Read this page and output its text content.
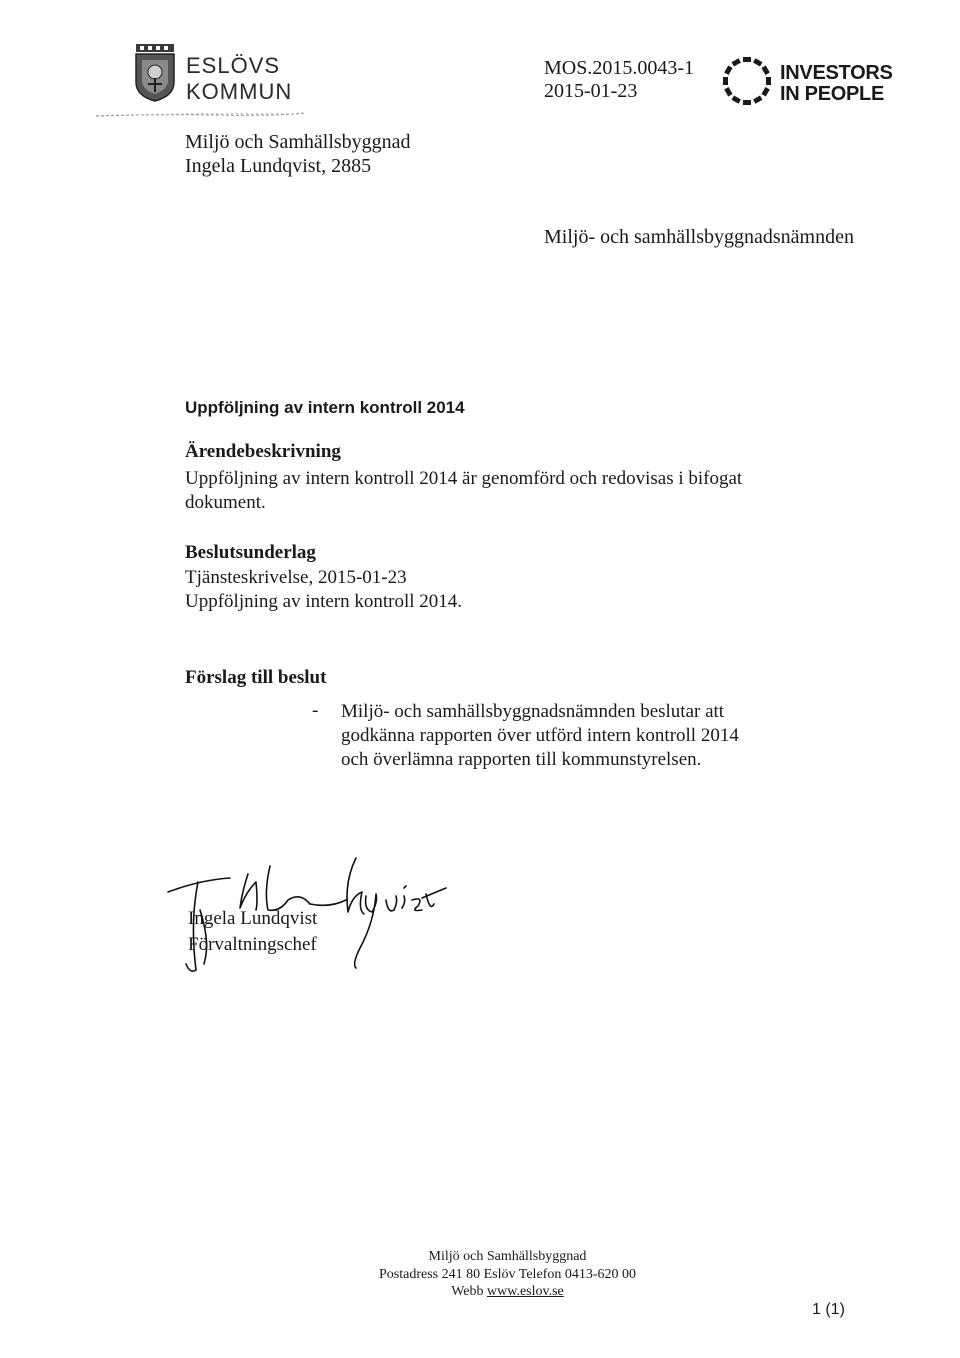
ESLÖVS
KOMMUN
MOS.2015.0043-1
2015-01-23
INVESTORS
IN PEOPLE
Miljö och Samhällsbyggnad
Ingela Lundqvist, 2885
Miljö- och samhällsbyggnadsnämnden
Uppföljning av intern kontroll 2014
Ärendebeskrivning
Uppföljning av intern kontroll 2014 är genomförd och redovisas i bifogat dokument.
Beslutsunderlag
Tjänsteskrivelse, 2015-01-23
Uppföljning av intern kontroll 2014.
Förslag till beslut
- Miljö- och samhällsbyggnadsnämnden beslutar att godkänna rapporten över utförd intern kontroll 2014 och överlämna rapporten till kommunstyrelsen.
Ingela Lundqvist
Förvaltningschef
Miljö och Samhällsbyggnad
Postadress 241 80 Eslöv Telefon 0413-620 00
Webb www.eslov.se
1 (1)
